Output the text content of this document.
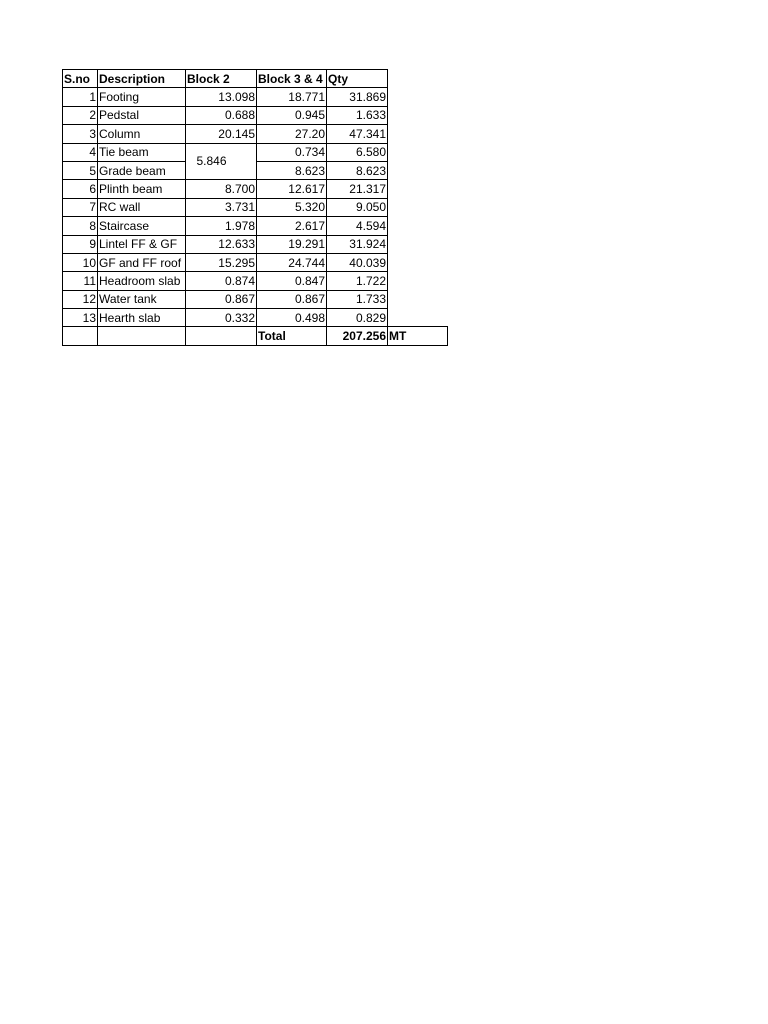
S.no	Description	Block 2	Block 3 & 4	Qty	
1	Footing	13.098	18.771	31.869	
2	Pedstal	0.688	0.945	1.633	
3	Column	20.145	27.20	47.341	
4	Tie beam	5.846	0.734	6.580	
5	Grade beam		8.623	8.623	
6	Plinth beam	8.700	12.617	21.317	
7	RC wall	3.731	5.320	9.050	
8	Staircase	1.978	2.617	4.594	
9	Lintel FF & GF	12.633	19.291	31.924	
10	GF and FF roof	15.295	24.744	40.039	
11	Headroom slab	0.874	0.847	1.722	
12	Water tank	0.867	0.867	1.733	
13	Hearth slab	0.332	0.498	0.829	
			Total	207.256	MT
